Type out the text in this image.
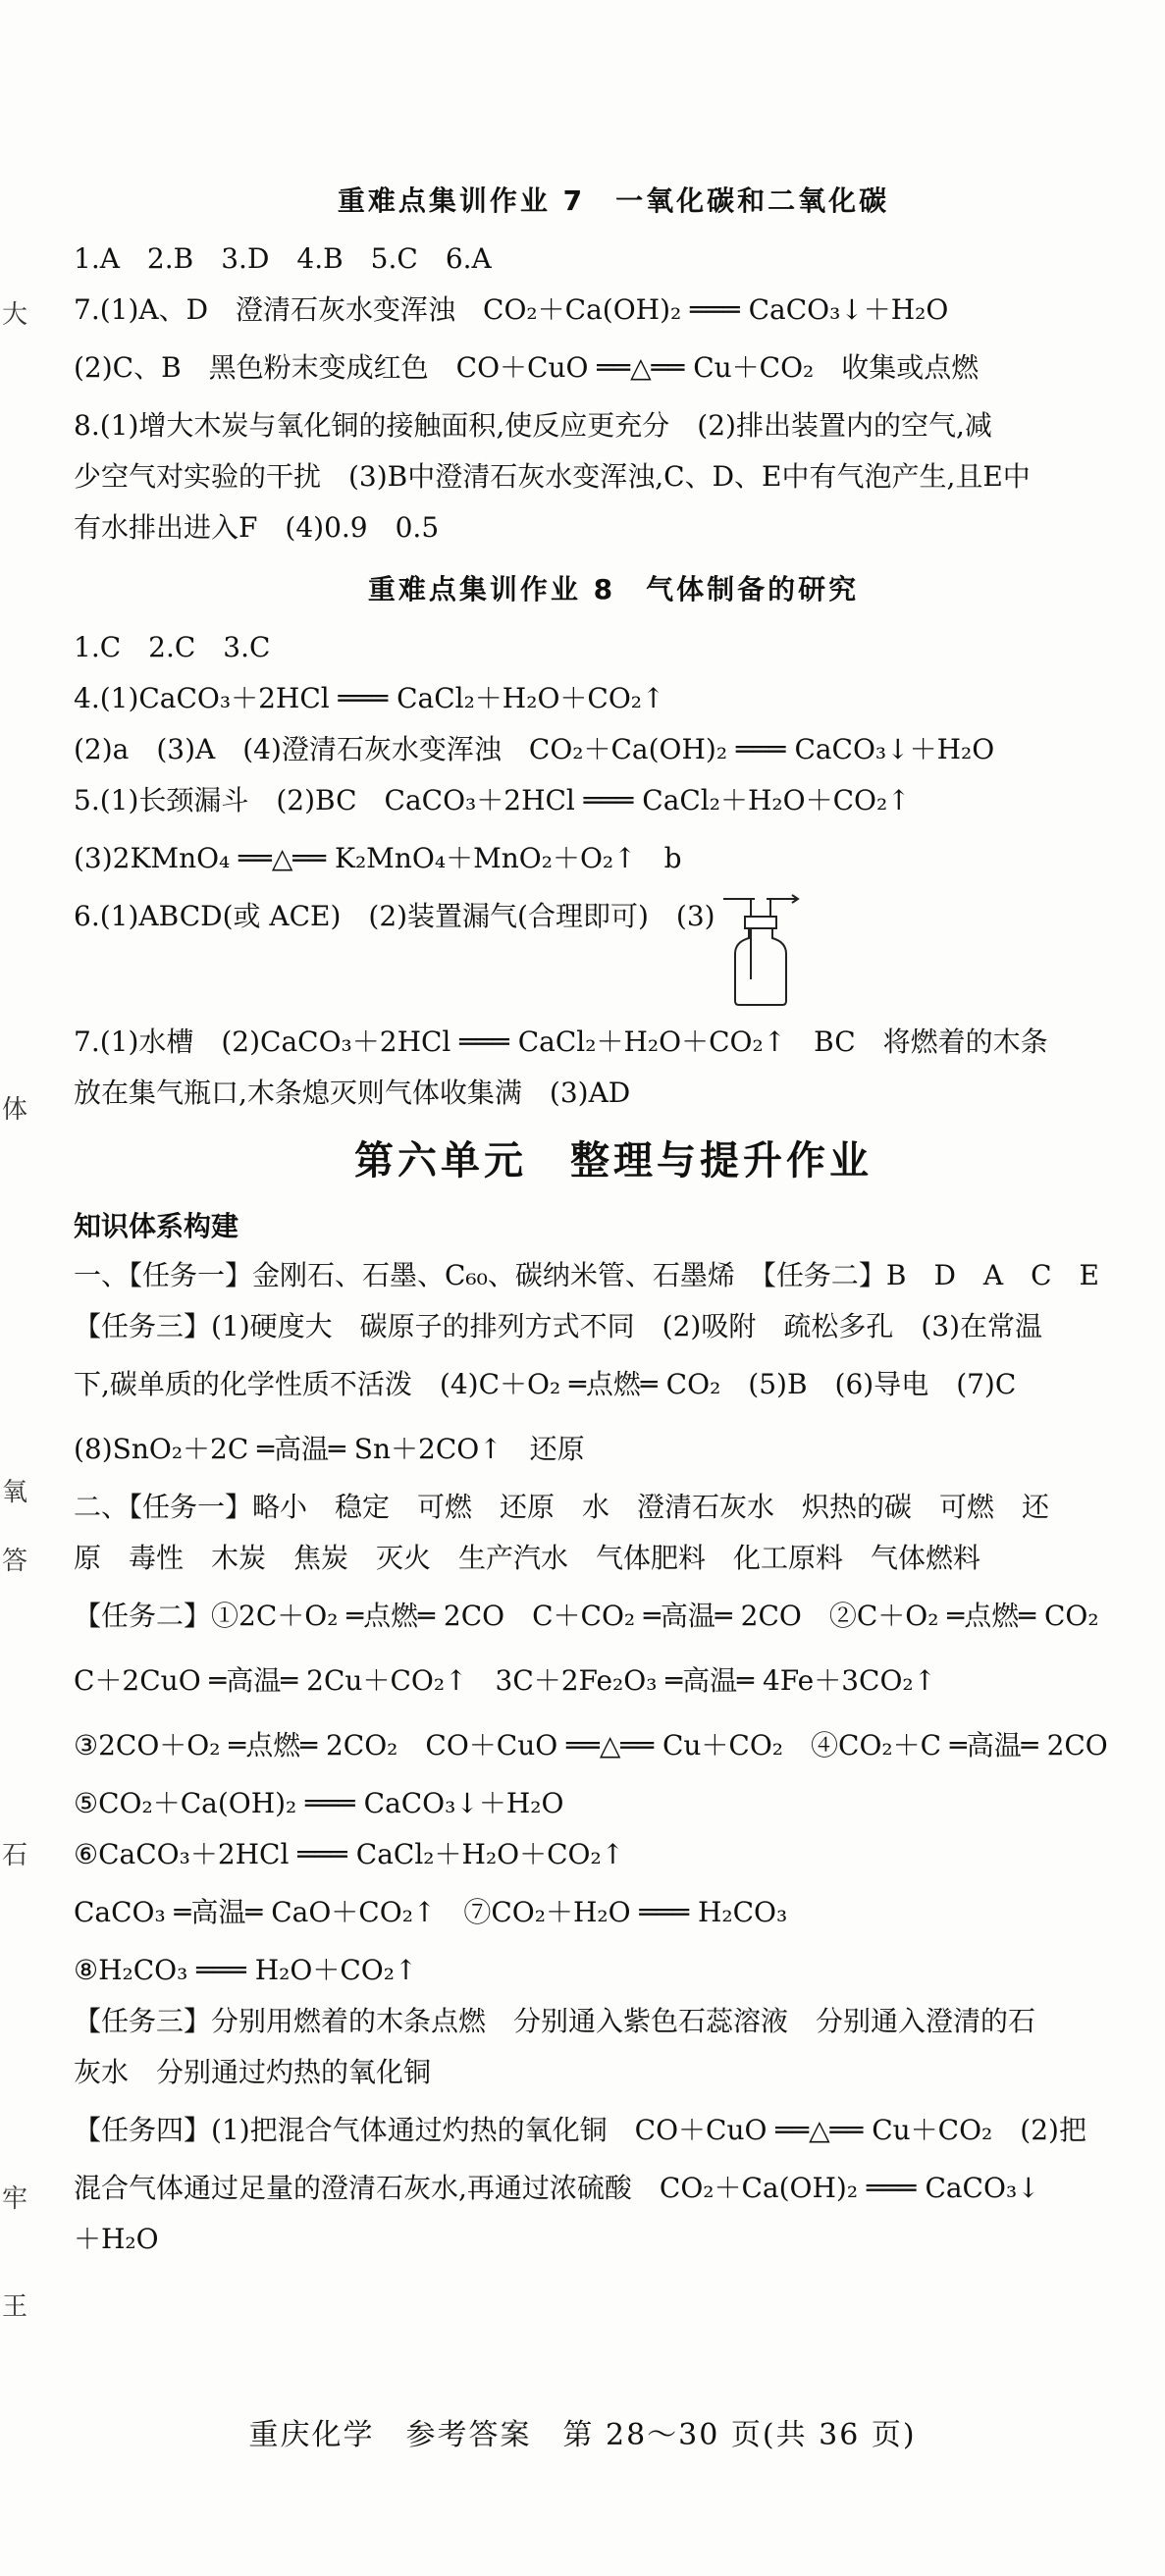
大
体
氧
答
石
牢
王
重难点集训作业 7　一氧化碳和二氧化碳
1.A　2.B　3.D　4.B　5.C　6.A
7.(1)A、D　澄清石灰水变浑浊　CO₂＋Ca(OH)₂ ═══ CaCO₃↓＋H₂O
(2)C、B　黑色粉末变成红色　CO＋CuO ══△══ Cu＋CO₂　收集或点燃
8.(1)增大木炭与氧化铜的接触面积,使反应更充分　(2)排出装置内的空气,减
少空气对实验的干扰　(3)B中澄清石灰水变浑浊,C、D、E中有气泡产生,且E中
有水排出进入F　(4)0.9　0.5
重难点集训作业 8　气体制备的研究
1.C　2.C　3.C
4.(1)CaCO₃＋2HCl ═══ CaCl₂＋H₂O＋CO₂↑
(2)a　(3)A　(4)澄清石灰水变浑浊　CO₂＋Ca(OH)₂ ═══ CaCO₃↓＋H₂O
5.(1)长颈漏斗　(2)BC　CaCO₃＋2HCl ═══ CaCl₂＋H₂O＋CO₂↑
(3)2KMnO₄ ══△══ K₂MnO₄＋MnO₂＋O₂↑　b
6.(1)ABCD(或 ACE)　(2)装置漏气(合理即可)　(3)
7.(1)水槽　(2)CaCO₃＋2HCl ═══ CaCl₂＋H₂O＋CO₂↑　BC　将燃着的木条
放在集气瓶口,木条熄灭则气体收集满　(3)AD
第六单元　整理与提升作业
知识体系构建
一、【任务一】金刚石、石墨、C₆₀、碳纳米管、石墨烯　【任务二】B　D　A　C　E
【任务三】(1)硬度大　碳原子的排列方式不同　(2)吸附　疏松多孔　(3)在常温
下,碳单质的化学性质不活泼　(4)C＋O₂ ═点燃═ CO₂　(5)B　(6)导电　(7)C
(8)SnO₂＋2C ═高温═ Sn＋2CO↑　还原
二、【任务一】略小　稳定　可燃　还原　水　澄清石灰水　炽热的碳　可燃　还
原　毒性　木炭　焦炭　灭火　生产汽水　气体肥料　化工原料　气体燃料
【任务二】①2C＋O₂ ═点燃═ 2CO　C＋CO₂ ═高温═ 2CO　②C＋O₂ ═点燃═ CO₂
C＋2CuO ═高温═ 2Cu＋CO₂↑　3C＋2Fe₂O₃ ═高温═ 4Fe＋3CO₂↑
③2CO＋O₂ ═点燃═ 2CO₂　CO＋CuO ══△══ Cu＋CO₂　④CO₂＋C ═高温═ 2CO
⑤CO₂＋Ca(OH)₂ ═══ CaCO₃↓＋H₂O
⑥CaCO₃＋2HCl ═══ CaCl₂＋H₂O＋CO₂↑
CaCO₃ ═高温═ CaO＋CO₂↑　⑦CO₂＋H₂O ═══ H₂CO₃
⑧H₂CO₃ ═══ H₂O＋CO₂↑
【任务三】分别用燃着的木条点燃　分别通入紫色石蕊溶液　分别通入澄清的石
灰水　分别通过灼热的氧化铜
【任务四】(1)把混合气体通过灼热的氧化铜　CO＋CuO ══△══ Cu＋CO₂　(2)把
混合气体通过足量的澄清石灰水,再通过浓硫酸　CO₂＋Ca(OH)₂ ═══ CaCO₃↓
＋H₂O
重庆化学　参考答案　第 28～30 页(共 36 页)
